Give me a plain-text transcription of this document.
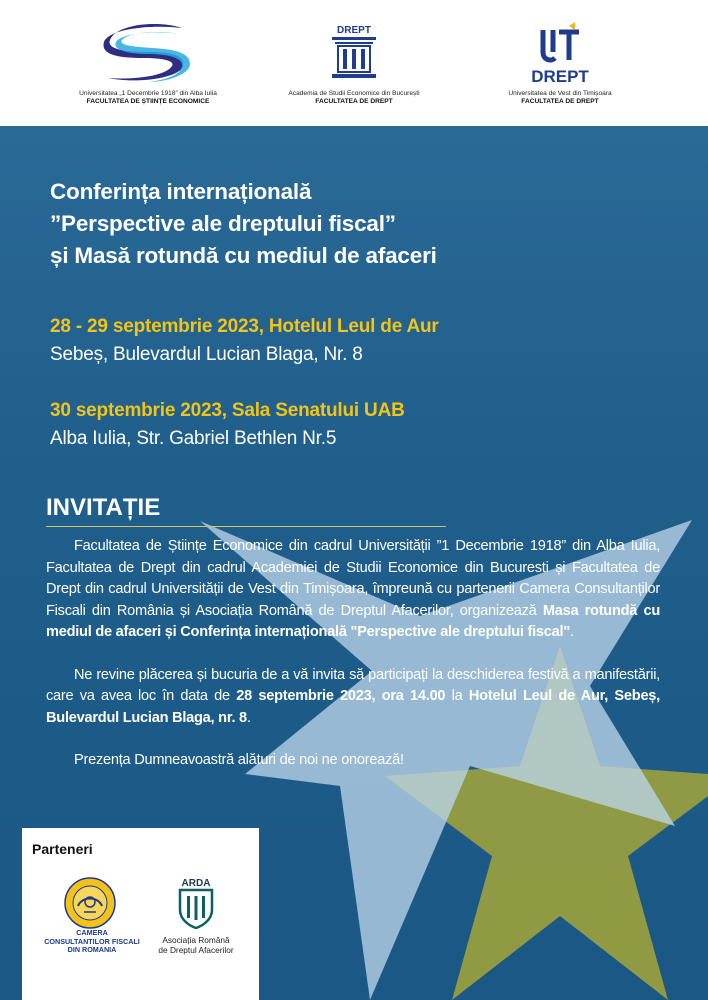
Universitatea „1 Decembrie 1918” din Alba Iulia
FACULTATEA DE ȘTIINȚE ECONOMICE
DREPT
Academia de Studii Economice din București
FACULTATEA DE DREPT
DREPT
Universitatea de Vest din Timișoara
FACULTATEA DE DREPT
Conferința internațională
”Perspective ale dreptului fiscal”
și Masă rotundă cu mediul de afaceri
28 - 29 septembrie 2023, Hotelul Leul de Aur
Sebeș, Bulevardul Lucian Blaga, Nr. 8
30 septembrie 2023, Sala Senatului UAB
Alba Iulia, Str. Gabriel Bethlen Nr.5
INVITAȚIE

Facultatea de Științe Economice din cadrul Universității ”1 Decembrie 1918” din Alba Iulia, Facultatea de Drept din cadrul Academiei de Studii Economice din Bucuresti și Facultatea de Drept din cadrul Universității de Vest din Timișoara, împreună cu partenerii Camera Consultanților Fiscali din România și Asociația Română de Dreptul Afacerilor, organizează Masa rotundă cu mediul de afaceri și Conferința internațională "Perspective ale dreptului fiscal".

Ne revine plăcerea și bucuria de a vă invita să participați la deschiderea festivă a manifestării, care va avea loc în data de 28 septembrie 2023, ora 14.00 la Hotelul Leul de Aur, Sebeș, Bulevardul Lucian Blaga, nr. 8.

Prezența Dumneavoastră alături de noi ne onorează!

Parteneri
CAMERA
CONSULTANTILOR FISCALI
DIN ROMANIA
ARDA
Asociația Română
de Dreptul Afacerilor
